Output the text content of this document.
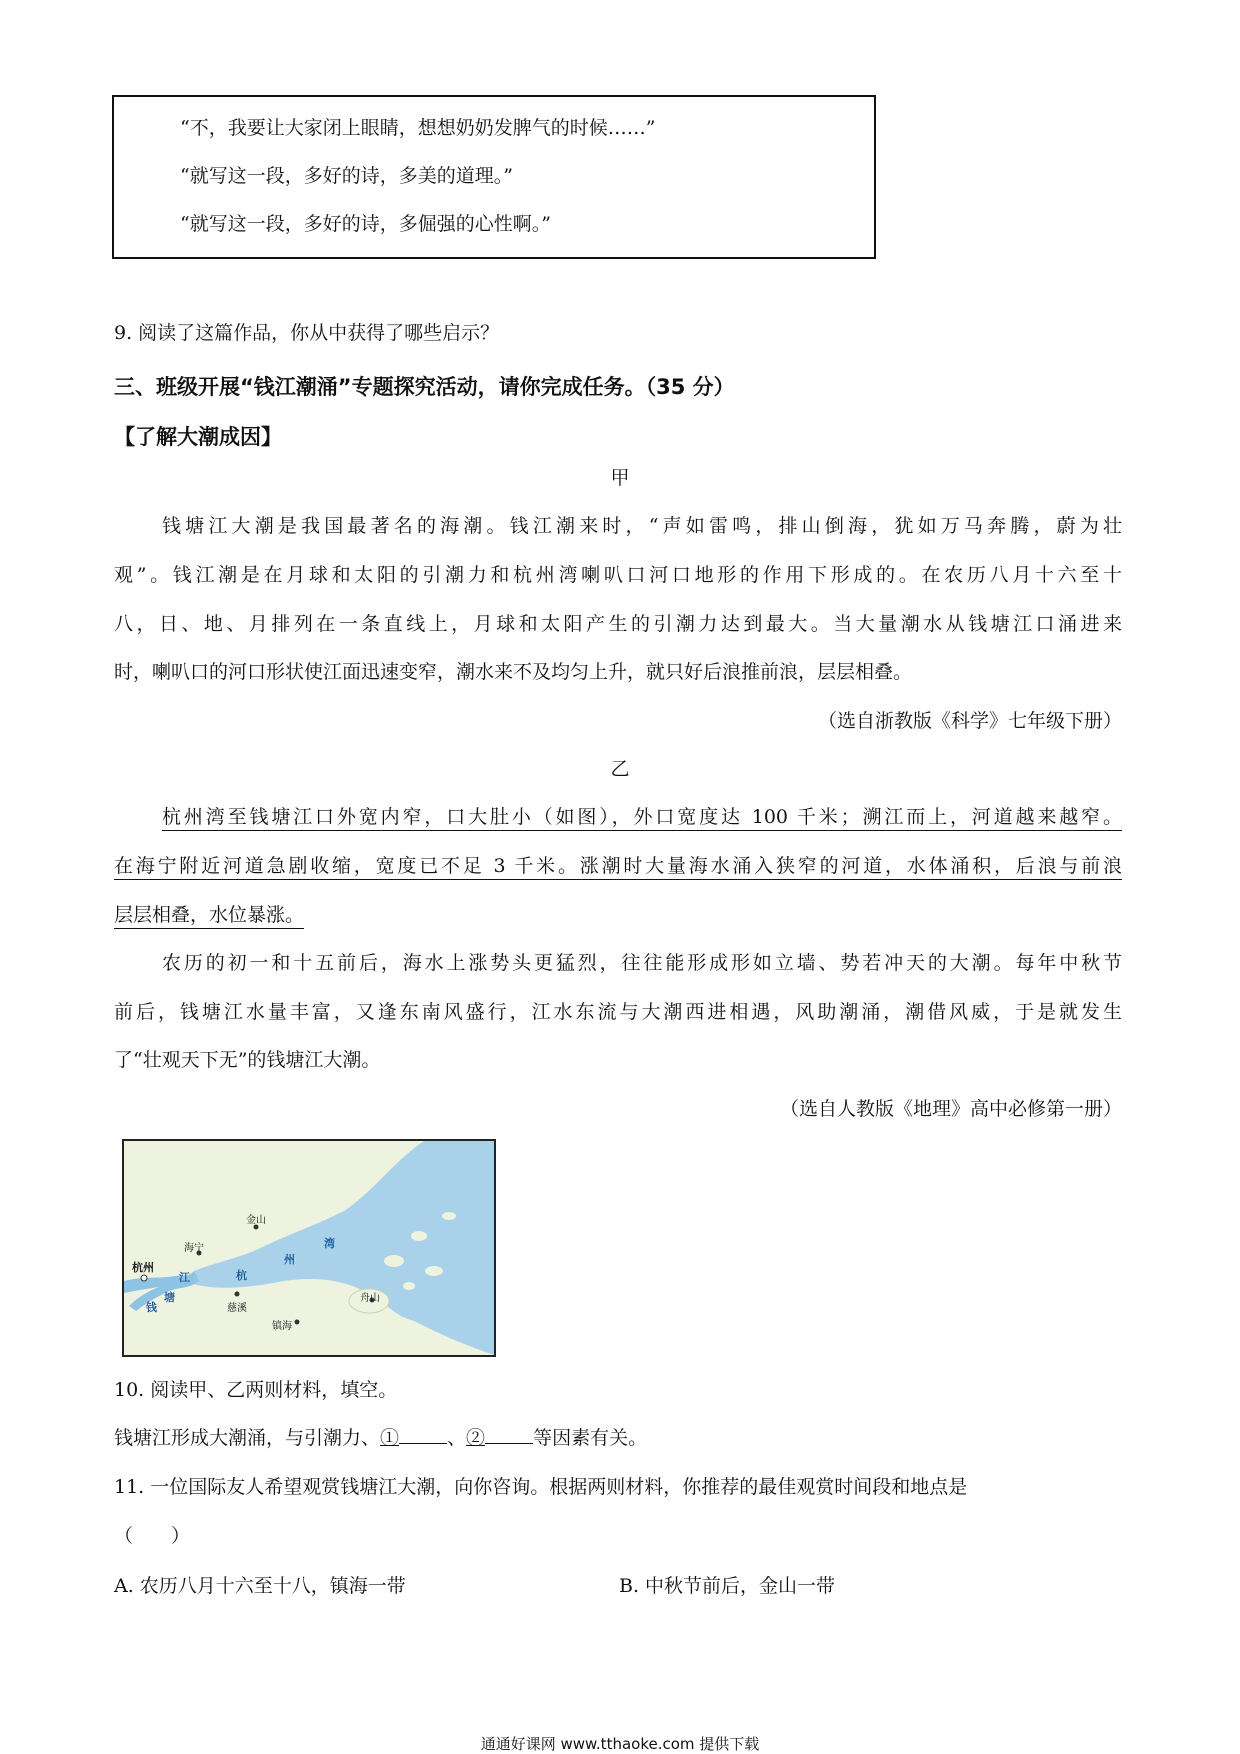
“不，我要让大家闭上眼睛，想想奶奶发脾气的时候……”
“就写这一段，多好的诗，多美的道理。”
“就写这一段，多好的诗，多倔强的心性啊。”
9. 阅读了这篇作品，你从中获得了哪些启示？
三、班级开展“钱江潮涌”专题探究活动，请你完成任务。（35 分）
【了解大潮成因】
甲
钱塘江大潮是我国最著名的海潮。钱江潮来时，“声如雷鸣，排山倒海，犹如万马奔腾，蔚为壮
观”。钱江潮是在月球和太阳的引潮力和杭州湾喇叭口河口地形的作用下形成的。在农历八月十六至十
八，日、地、月排列在一条直线上，月球和太阳产生的引潮力达到最大。当大量潮水从钱塘江口涌进来
时，喇叭口的河口形状使江面迅速变窄，潮水来不及均匀上升，就只好后浪推前浪，层层相叠。
（选自浙教版《科学》七年级下册）
乙
杭州湾至钱塘江口外宽内窄，口大肚小（如图），外口宽度达 100 千米；溯江而上，河道越来越窄。
在海宁附近河道急剧收缩，宽度已不足 3 千米。涨潮时大量海水涌入狭窄的河道，水体涌积，后浪与前浪
层层相叠，水位暴涨。
农历的初一和十五前后，海水上涨势头更猛烈，往往能形成形如立墙、势若冲天的大潮。每年中秋节
前后，钱塘江水量丰富，又逢东南风盛行，江水东流与大潮西进相遇，风助潮涌，潮借风威，于是就发生
了“壮观天下无”的钱塘江大潮。
（选自人教版《地理》高中必修第一册）
杭州
海宁
金山
慈溪
镇海
舟山
杭
州
湾
钱
塘
江
10. 阅读甲、乙两则材料，填空。
钱塘江形成大潮涌，与引潮力、①	、②	等因素有关。
11. 一位国际友人希望观赏钱塘江大潮，向你咨询。根据两则材料，你推荐的最佳观赏时间段和地点是
（　　）
A. 农历八月十六至十八，镇海一带	B. 中秋节前后，金山一带
通通好课网 www.tthaoke.com 提供下载
